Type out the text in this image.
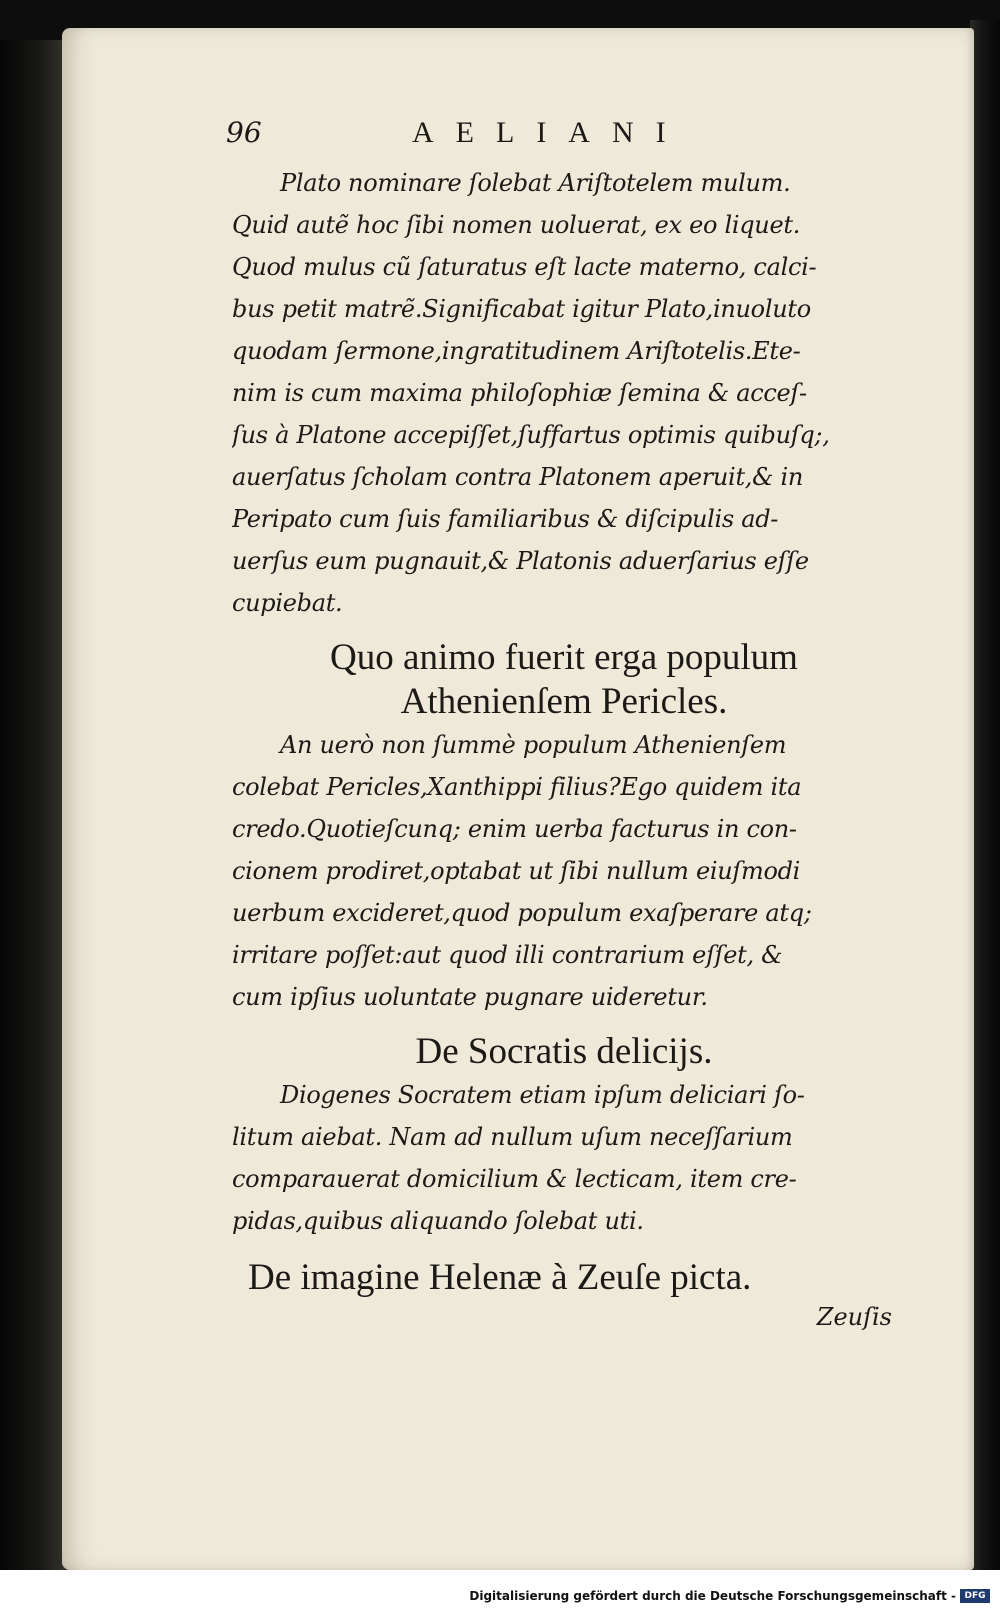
96	AELIANI
Plato nominare ſolebat Ariſtotelem mulum.
Quid autẽ hoc ſibi nomen uoluerat, ex eo liquet.
Quod mulus cũ ſaturatus eſt lacte materno, calci-
bus petit matrẽ.Significabat igitur Plato,inuoluto
quodam ſermone,ingratitudinem Ariſtotelis.Ete-
nim is cum maxima philoſophiæ ſemina & acceſ-
ſus à Platone accepiſſet,ſuffartus optimis quibuſq;,
auerſatus ſcholam contra Platonem aperuit,& in
Peripato cum ſuis familiaribus & diſcipulis ad-
uerſus eum pugnauit,& Platonis aduerſarius eſſe
cupiebat.
Quo animo fuerit erga populum
Athenienſem Pericles.
An uerò non ſummè populum Athenienſem
colebat Pericles,Xanthippi filius?Ego quidem ita
credo.Quotieſcunq; enim uerba facturus in con-
cionem prodiret,optabat ut ſibi nullum eiuſmodi
uerbum excideret,quod populum exaſperare atq;
irritare poſſet:aut quod illi contrarium eſſet, &
cum ipſius uoluntate pugnare uideretur.
De Socratis delicijs.
Diogenes Socratem etiam ipſum deliciari ſo-
litum aiebat. Nam ad nullum uſum neceſſarium
comparauerat domicilium & lecticam, item cre-
pidas,quibus aliquando ſolebat uti.
De imagine Helenæ à Zeuſe picta.
Zeuſis
Digitalisierung gefördert durch die Deutsche Forschungsgemeinschaft - DFG
